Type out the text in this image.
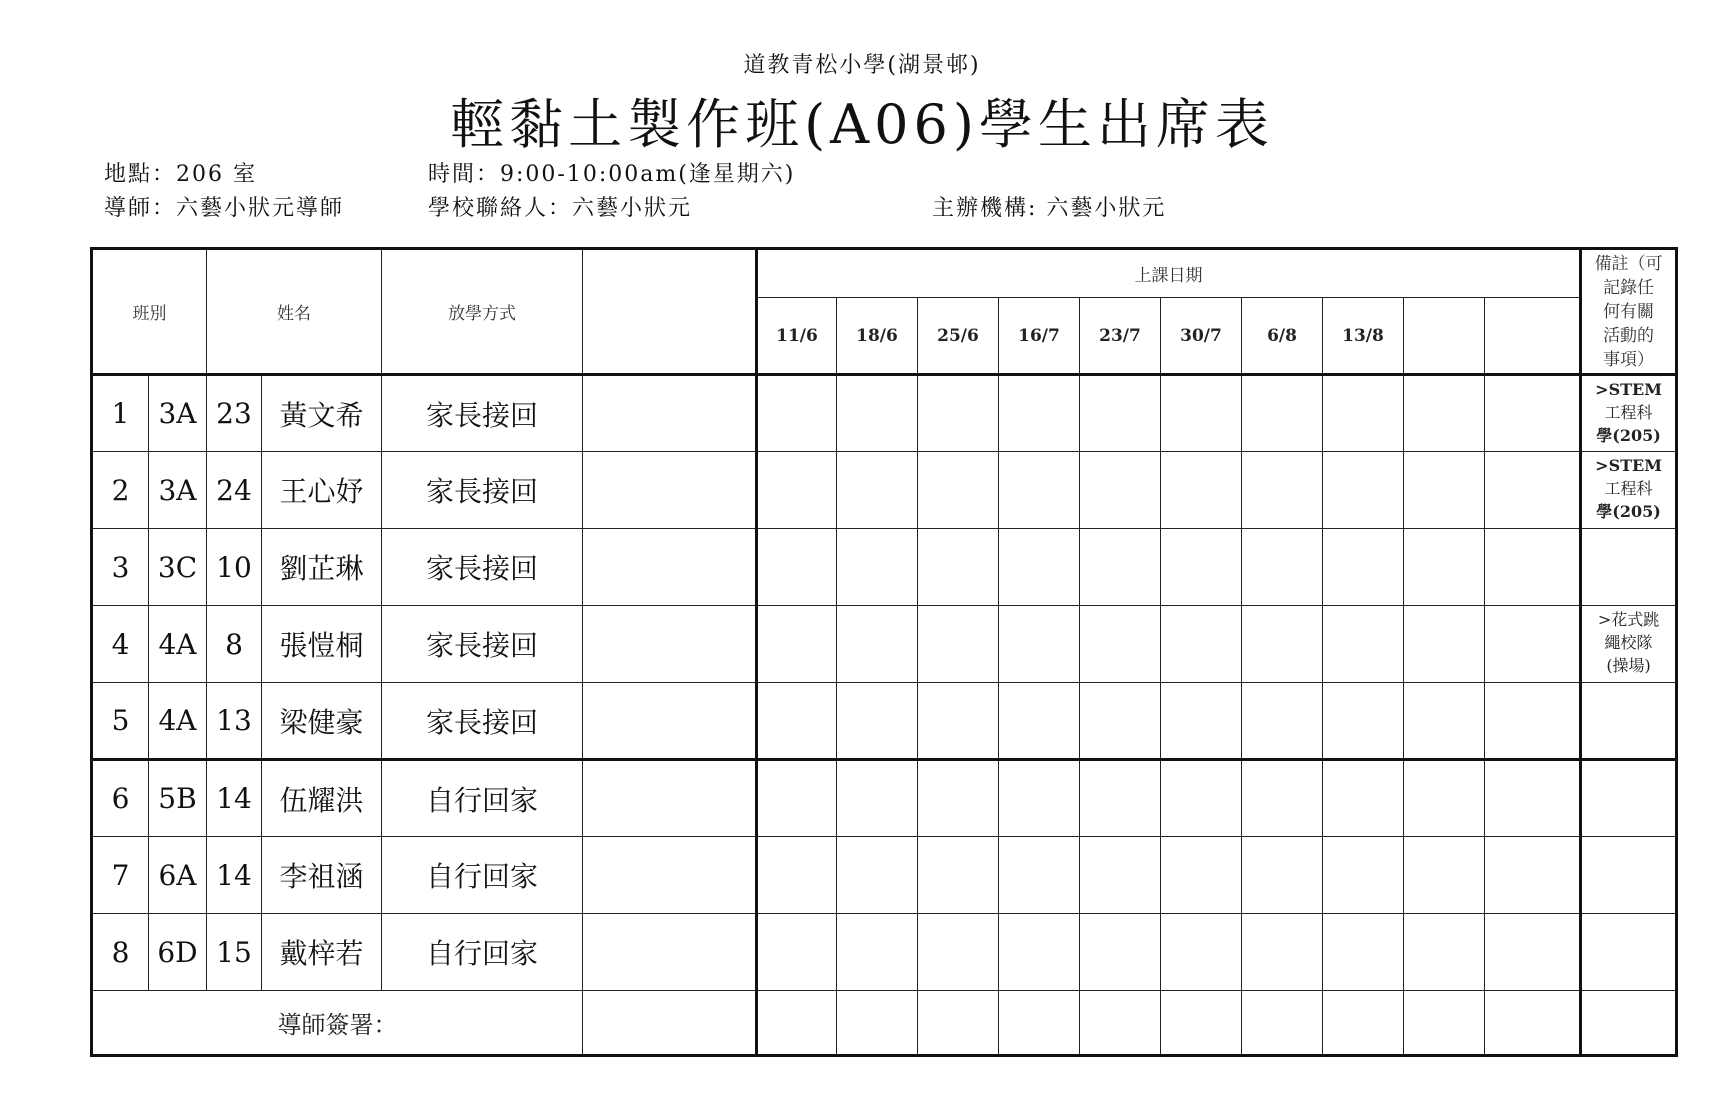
道教青松小學(湖景邨)
輕黏土製作班(A06)學生出席表
地點：206 室	時間：9:00-10:00am(逢星期六)
導師：六藝小狀元導師	學校聯絡人：六藝小狀元	主辦機構: 六藝小狀元
班別		姓名		放學方式		上課日期										備註（可
記錄任
何有關
活動的
事項）

						11/6	18/6	25/6	16/7	23/7	30/7	6/8	13/8			
1	3A	23	黃文希	家長接回												>STEM
工程科
學(205)

2	3A	24	王心妤	家長接回												>STEM
工程科
學(205)

3	3C	10	劉芷琳	家長接回												
4	4A	8	張愷桐	家長接回												>花式跳
繩校隊
(操場)

5	4A	13	梁健豪	家長接回												
6	5B	14	伍耀洪	自行回家												
7	6A	14	李祖涵	自行回家												
8	6D	15	戴梓若	自行回家												
導師簽署：																
